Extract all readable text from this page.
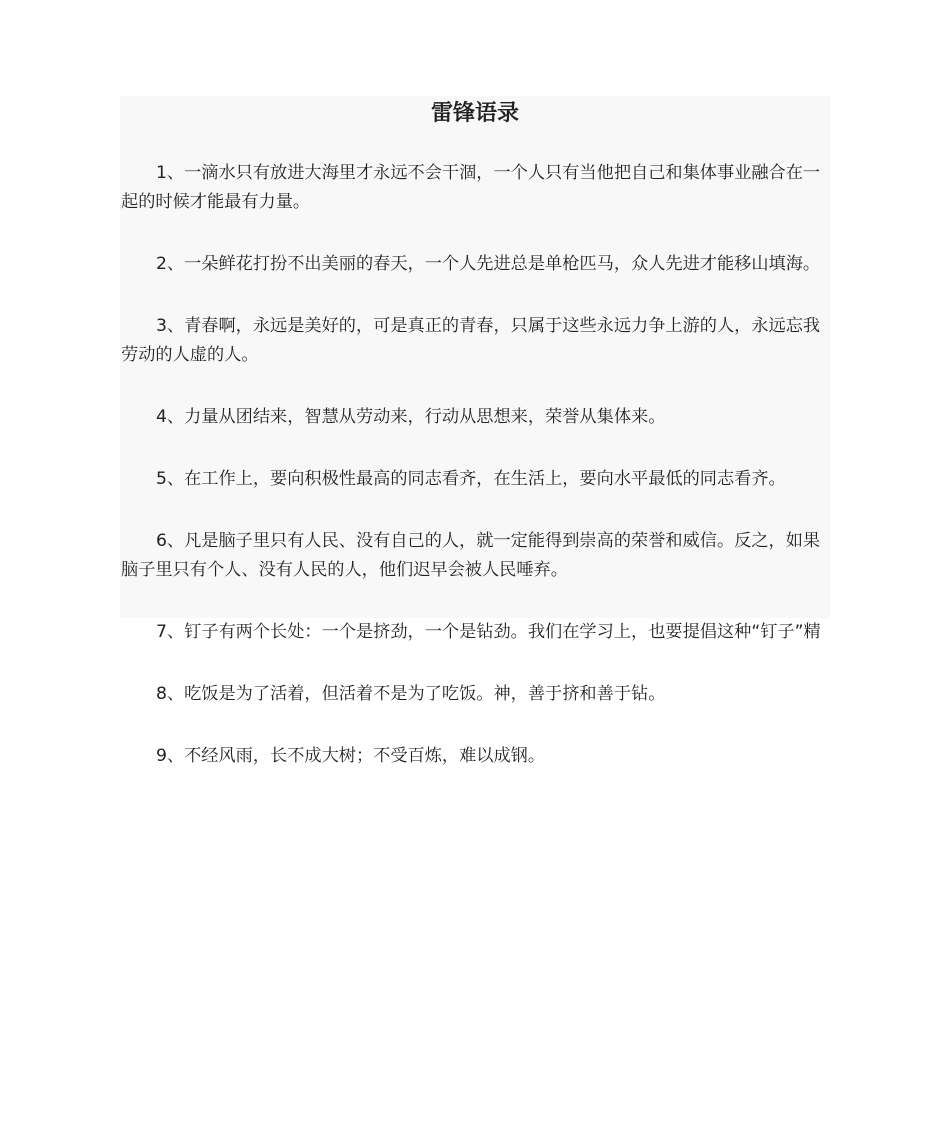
雷锋语录

1、一滴水只有放进大海里才永远不会干涸，一个人只有当他把自己和集体事业融合在一起的时候才能最有力量。

2、一朵鲜花打扮不出美丽的春天，一个人先进总是单枪匹马，众人先进才能移山填海。

3、青春啊，永远是美好的，可是真正的青春，只属于这些永远力争上游的人，永远忘我劳动的人虚的人。

4、力量从团结来，智慧从劳动来，行动从思想来，荣誉从集体来。

5、在工作上，要向积极性最高的同志看齐，在生活上，要向水平最低的同志看齐。

6、凡是脑子里只有人民、没有自己的人，就一定能得到崇高的荣誉和威信。反之，如果脑子里只有个人、没有人民的人，他们迟早会被人民唾弃。

7、钉子有两个长处：一个是挤劲，一个是钻劲。我们在学习上，也要提倡这种“钉子”精

8、吃饭是为了活着，但活着不是为了吃饭。神，善于挤和善于钻。

9、不经风雨，长不成大树；不受百炼，难以成钢。
